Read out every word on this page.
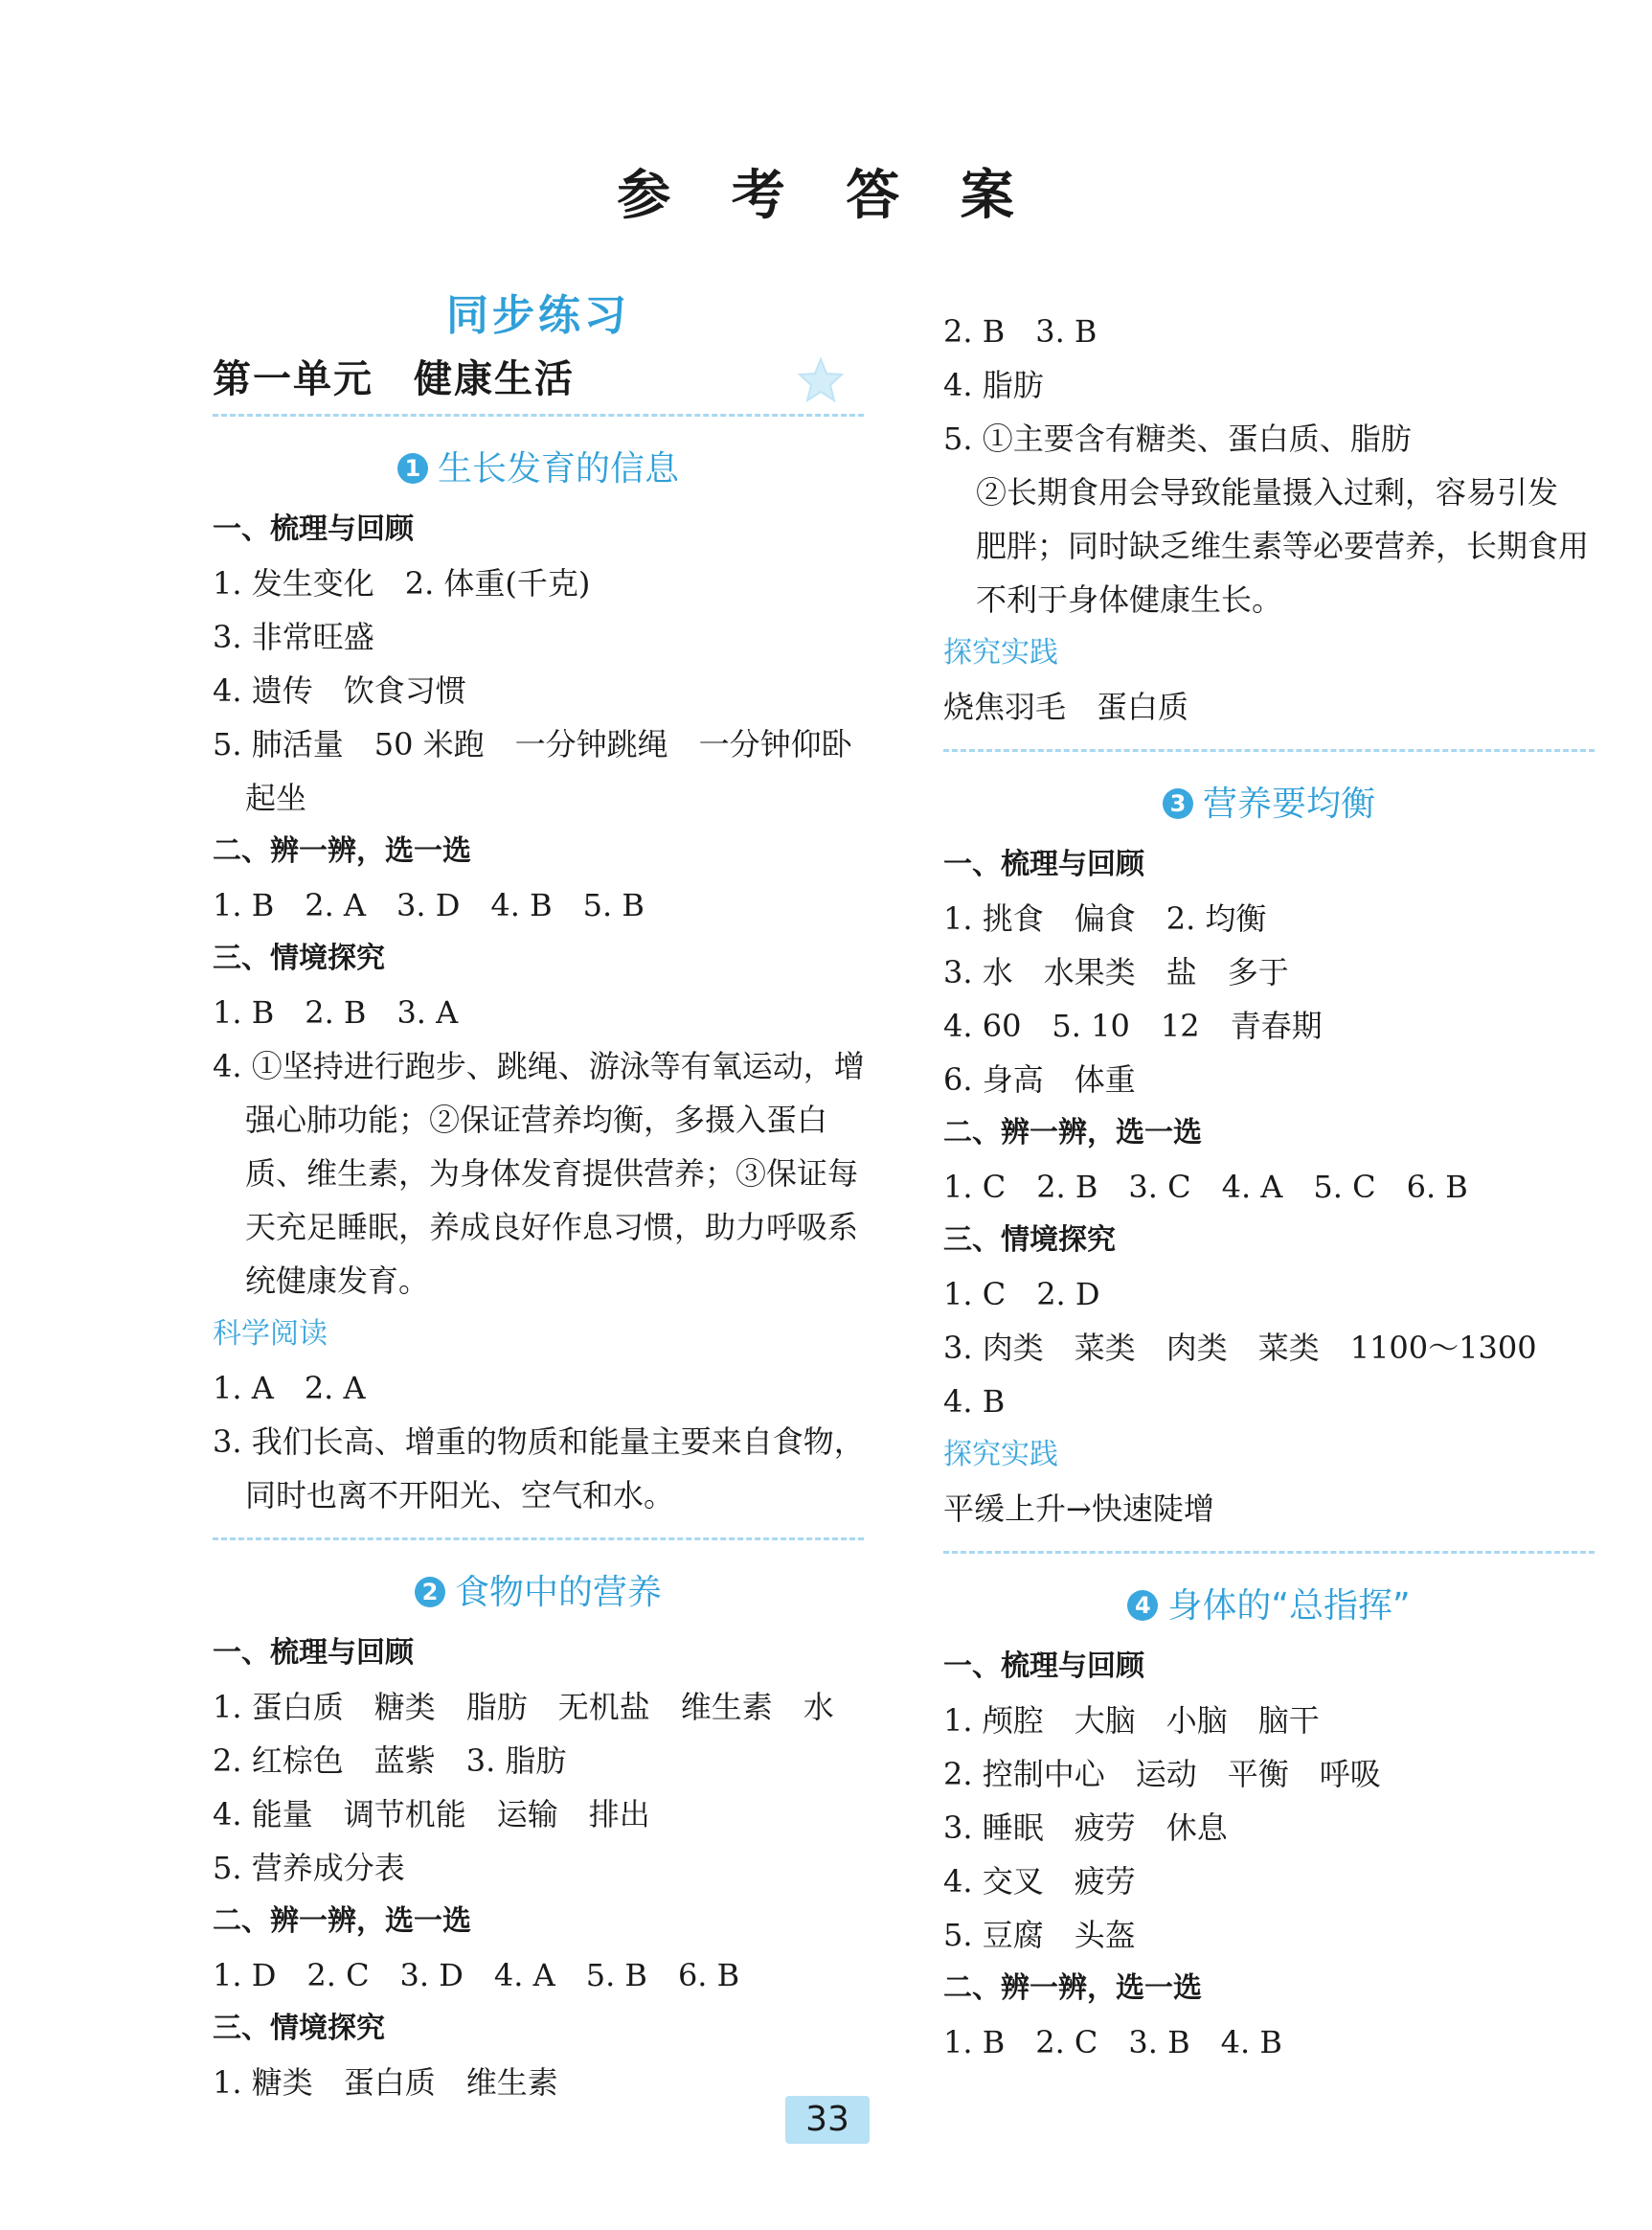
参 考 答 案
同步练习
第一单元　健康生活
1 生长发育的信息
一、梳理与回顾
1. 发生变化　2. 体重(千克)
3. 非常旺盛
4. 遗传　饮食习惯
5. 肺活量　50 米跑　一分钟跳绳　一分钟仰卧
起坐
二、辨一辨，选一选
1. B　2. A　3. D　4. B　5. B
三、情境探究
1. B　2. B　3. A
4. ①坚持进行跑步、跳绳、游泳等有氧运动，增
强心肺功能；②保证营养均衡，多摄入蛋白
质、维生素，为身体发育提供营养；③保证每
天充足睡眠，养成良好作息习惯，助力呼吸系
统健康发育。
科学阅读
1. A　2. A
3. 我们长高、增重的物质和能量主要来自食物，
同时也离不开阳光、空气和水。
2 食物中的营养
一、梳理与回顾
1. 蛋白质　糖类　脂肪　无机盐　维生素　水
2. 红棕色　蓝紫　3. 脂肪
4. 能量　调节机能　运输　排出
5. 营养成分表
二、辨一辨，选一选
1. D　2. C　3. D　4. A　5. B　6. B
三、情境探究
1. 糖类　蛋白质　维生素
2. B　3. B
4. 脂肪
5. ①主要含有糖类、蛋白质、脂肪
②长期食用会导致能量摄入过剩，容易引发
肥胖；同时缺乏维生素等必要营养，长期食用
不利于身体健康生长。
探究实践
烧焦羽毛　蛋白质
3 营养要均衡
一、梳理与回顾
1. 挑食　偏食　2. 均衡
3. 水　水果类　盐　多于
4. 60　5. 10　12　青春期
6. 身高　体重
二、辨一辨，选一选
1. C　2. B　3. C　4. A　5. C　6. B
三、情境探究
1. C　2. D
3. 肉类　菜类　肉类　菜类　1100～1300
4. B
探究实践
平缓上升→快速陡增
4 身体的“总指挥”
一、梳理与回顾
1. 颅腔　大脑　小脑　脑干
2. 控制中心　运动　平衡　呼吸
3. 睡眠　疲劳　休息
4. 交叉　疲劳
5. 豆腐　头盔
二、辨一辨，选一选
1. B　2. C　3. B　4. B
33
